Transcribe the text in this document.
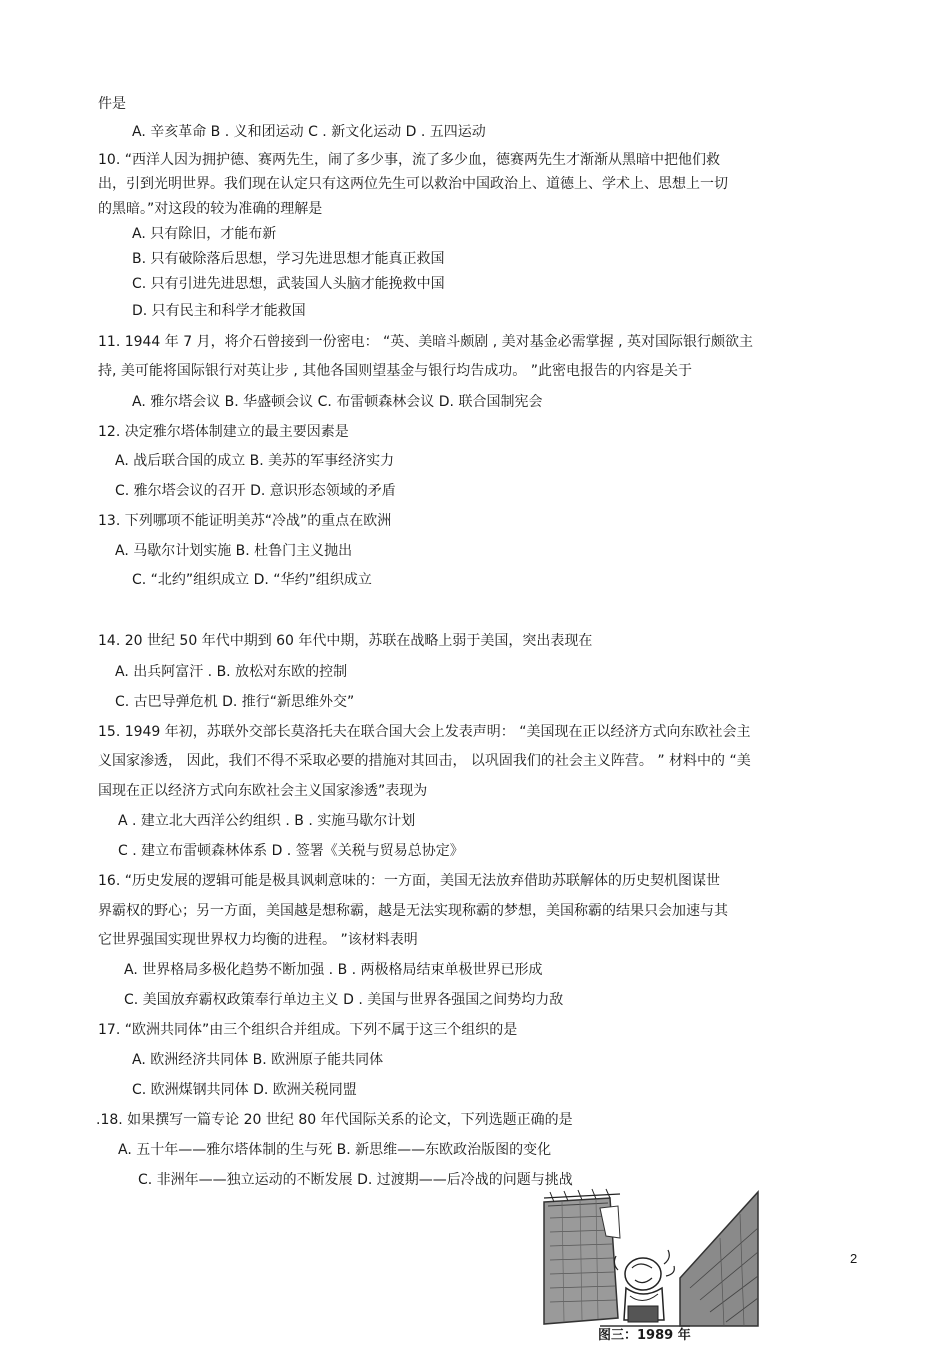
件是
A. 辛亥革命 B . 义和团运动 C . 新文化运动 D . 五四运动
10. “西洋人因为拥护德、赛两先生，闹了多少事，流了多少血，德赛两先生才渐渐从黑暗中把他们救
出，引到光明世界。我们现在认定只有这两位先生可以救治中国政治上、道德上、学术上、思想上一切
的黑暗。”对这段的较为准确的理解是
A. 只有除旧，才能布新
B. 只有破除落后思想，学习先进思想才能真正救国
C. 只有引进先进思想，武装国人头脑才能挽救中国
D. 只有民主和科学才能救国
11. 1944 年 7 月，将介石曾接到一份密电： “英、美暗斗颇剧 , 美对基金必需掌握 , 英对国际银行颇欲主
持, 美可能将国际银行对英让步 , 其他各国则望基金与银行均告成功。 ”此密电报告的内容是关于
A. 雅尔塔会议 B. 华盛顿会议 C. 布雷顿森林会议 D. 联合国制宪会
12. 决定雅尔塔体制建立的最主要因素是
A. 战后联合国的成立 B. 美苏的军事经济实力
C. 雅尔塔会议的召开 D. 意识形态领域的矛盾
13. 下列哪项不能证明美苏“冷战”的重点在欧洲
A. 马歇尔计划实施 B. 杜鲁门主义抛出
C. “北约”组织成立 D. “华约”组织成立
14. 20 世纪 50 年代中期到 60 年代中期，苏联在战略上弱于美国，突出表现在
A. 出兵阿富汗 . B. 放松对东欧的控制
C. 古巴导弹危机 D. 推行“新思维外交”
15. 1949 年初，苏联外交部长莫洛托夫在联合国大会上发表声明： “美国现在正以经济方式向东欧社会主
义国家渗透， 因此，我们不得不采取必要的措施对其回击， 以巩固我们的社会主义阵营。 ” 材料中的 “美
国现在正以经济方式向东欧社会主义国家渗透”表现为
A . 建立北大西洋公约组织 . B . 实施马歇尔计划
C . 建立布雷顿森林体系 D . 签署《关税与贸易总协定》
16. “历史发展的逻辑可能是极具讽刺意味的：一方面，美国无法放弃借助苏联解体的历史契机图谋世
界霸权的野心；另一方面，美国越是想称霸，越是无法实现称霸的梦想，美国称霸的结果只会加速与其
它世界强国实现世界权力均衡的进程。 ”该材料表明
A. 世界格局多极化趋势不断加强 . B . 两极格局结束单极世界已形成
C. 美国放弃霸权政策奉行单边主义 D . 美国与世界各强国之间势均力敌
17. “欧洲共同体”由三个组织合并组成。下列不属于这三个组织的是
A. 欧洲经济共同体 B. 欧洲原子能共同体
C. 欧洲煤钢共同体 D. 欧洲关税同盟
.18. 如果撰写一篇专论 20 世纪 80 年代国际关系的论文，下列选题正确的是
A. 五十年——雅尔塔体制的生与死 B. 新思维——东欧政治版图的变化
C. 非洲年——独立运动的不断发展 D. 过渡期——后冷战的问题与挑战
2
图三：1989 年
